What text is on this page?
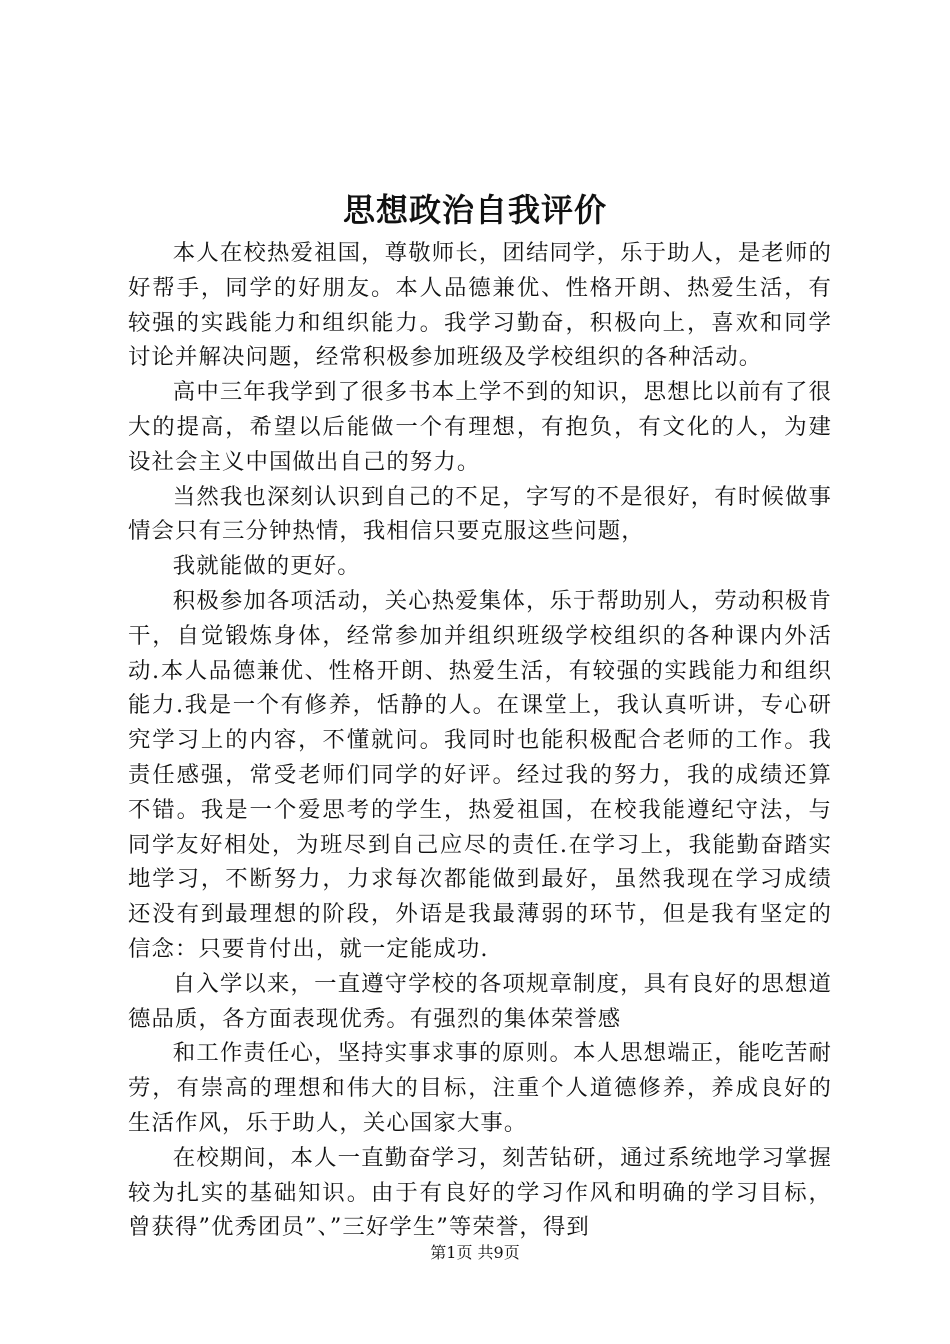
思想政治自我评价

本人在校热爱祖国，尊敬师长，团结同学，乐于助人，是老师的好帮手，同学的好朋友。本人品德兼优、性格开朗、热爱生活，有较强的实践能力和组织能力。我学习勤奋，积极向上，喜欢和同学讨论并解决问题，经常积极参加班级及学校组织的各种活动。

高中三年我学到了很多书本上学不到的知识，思想比以前有了很大的提高，希望以后能做一个有理想，有抱负，有文化的人，为建设社会主义中国做出自己的努力。

当然我也深刻认识到自己的不足，字写的不是很好，有时候做事情会只有三分钟热情，我相信只要克服这些问题，

我就能做的更好。

积极参加各项活动，关心热爱集体，乐于帮助别人，劳动积极肯干，自觉锻炼身体，经常参加并组织班级学校组织的各种课内外活动.本人品德兼优、性格开朗、热爱生活，有较强的实践能力和组织能力.我是一个有修养，恬静的人。在课堂上，我认真听讲，专心研究学习上的内容，不懂就问。我同时也能积极配合老师的工作。我责任感强，常受老师们同学的好评。经过我的努力，我的成绩还算不错。我是一个爱思考的学生，热爱祖国，在校我能遵纪守法，与同学友好相处，为班尽到自己应尽的责任.在学习上，我能勤奋踏实地学习，不断努力，力求每次都能做到最好，虽然我现在学习成绩还没有到最理想的阶段，外语是我最薄弱的环节，但是我有坚定的信念：只要肯付出，就一定能成功.

自入学以来，一直遵守学校的各项规章制度，具有良好的思想道德品质，各方面表现优秀。有强烈的集体荣誉感

和工作责任心，坚持实事求事的原则。本人思想端正，能吃苦耐劳，有崇高的理想和伟大的目标，注重个人道德修养，养成良好的生活作风，乐于助人，关心国家大事。

在校期间，本人一直勤奋学习，刻苦钻研，通过系统地学习掌握较为扎实的基础知识。由于有良好的学习作风和明确的学习目标，曾获得”优秀团员”、”三好学生”等荣誉，得到

第1页 共9页
